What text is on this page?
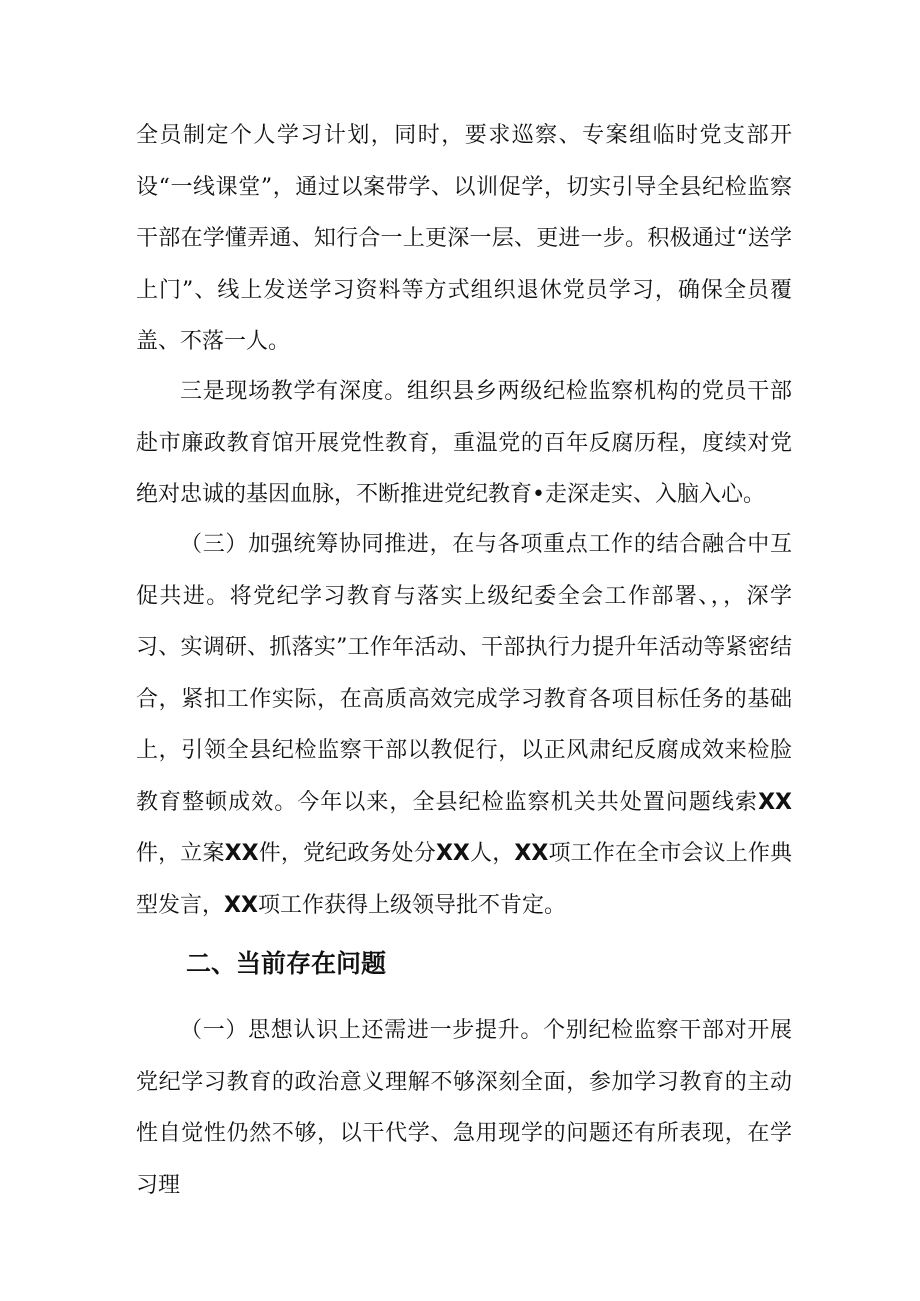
全员制定个人学习计划，同时，要求巡察、专案组临时党支部开设“一线课堂”，通过以案带学、以训促学，切实引导全县纪检监察干部在学懂弄通、知行合一上更深一层、更进一步。积极通过“送学上门”、线上发送学习资料等方式组织退休党员学习，确保全员覆盖、不落一人。

三是现场教学有深度。组织县乡两级纪检监察机构的党员干部赴市廉政教育馆开展党性教育，重温党的百年反腐历程，度续对党绝对忠诚的基因血脉，不断推进党纪教育•走深走实、入脑入心。

（三）加强统筹协同推进，在与各项重点工作的结合融合中互促共进。将党纪学习教育与落实上级纪委全会工作部署、，，深学习、实调研、抓落实”工作年活动、干部执行力提升年活动等紧密结合，紧扣工作实际，在高质高效完成学习教育各项目标任务的基础上，引领全县纪检监察干部以教促行，以正风肃纪反腐成效来检脸教育整顿成效。今年以来，全县纪检监察机关共处置问题线索XX件，立案XX件，党纪政务处分XX人，XX项工作在全市会议上作典型发言，XX项工作获得上级领导批不肯定。

二、当前存在问题

（一）思想认识上还需进一步提升。个别纪检监察干部对开展党纪学习教育的政治意义理解不够深刻全面，参加学习教育的主动性自觉性仍然不够，以干代学、急用现学的问题还有所表现，在学习理
